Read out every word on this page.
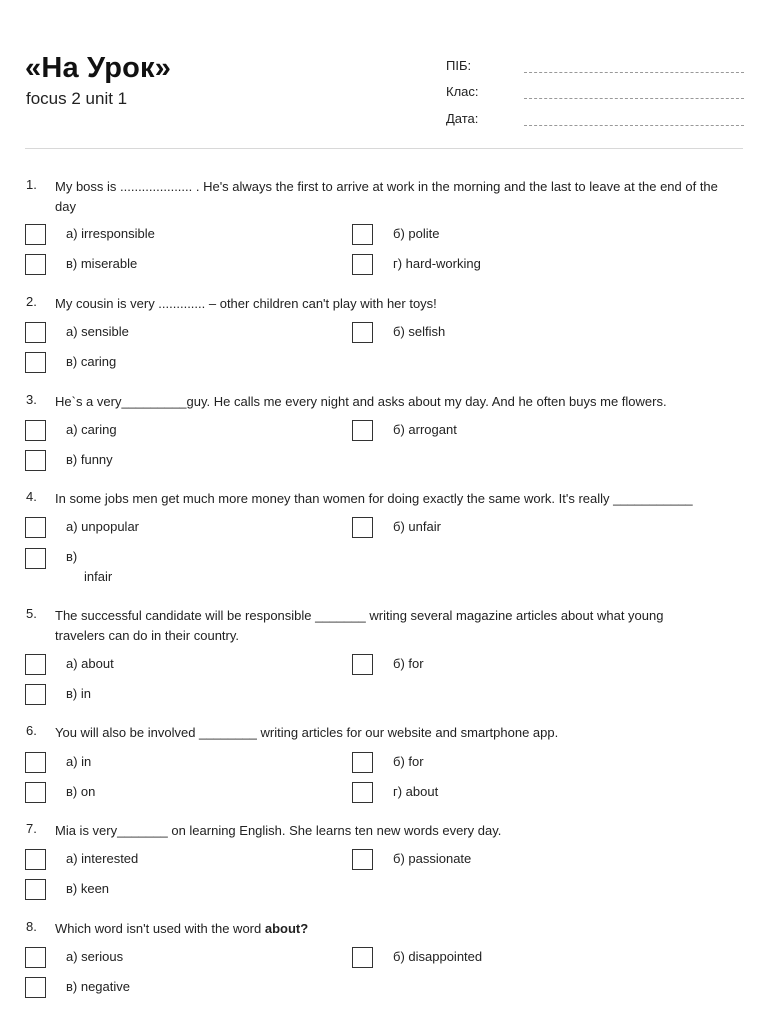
«На Урок»
focus 2 unit 1
ПІБ:
Клас:
Дата:
1. My boss is .................... . He's always the first to arrive at work in the morning and the last to leave at the end of the day
а) irresponsible	б) polite
в) miserable	г) hard-working
2. My cousin is very ............. – other children can't play with her toys!
а) sensible	б) selfish
в) caring
3. He`s a very_________guy. He calls me every night and asks about my day. And he often buys me flowers.
а) caring	б) arrogant
в) funny
4. In some jobs men get much more money than women for doing exactly the same work. It's really ___________
а) unpopular	б) unfair
в)
infair
5. The successful candidate will be responsible _______ writing several magazine articles about what young travelers can do in their country.
а) about	б) for
в) in
6. You will also be involved ________ writing articles for our website and smartphone app.
а) in	б) for
в) on	г) about
7. Mia is very_______ on learning English. She learns ten new words every day.
а) interested	б) passionate
в) keen
8. Which word isn't used with the word about?
а) serious	б) disappointed
в) negative
